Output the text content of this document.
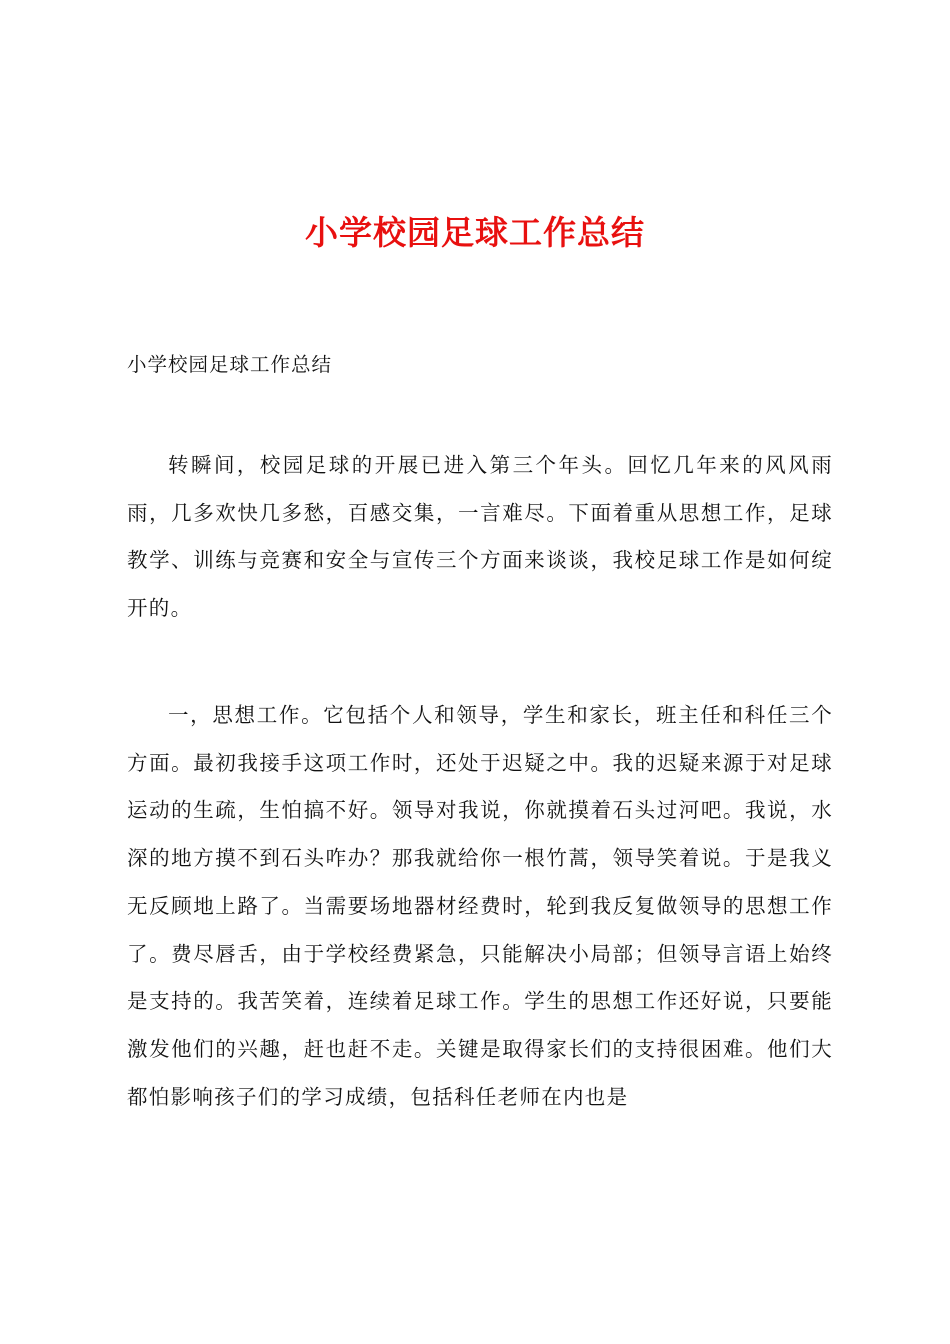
小学校园足球工作总结

小学校园足球工作总结

转瞬间，校园足球的开展已进入第三个年头。回忆几年来的风风雨雨，几多欢快几多愁，百感交集，一言难尽。下面着重从思想工作，足球教学、训练与竞赛和安全与宣传三个方面来谈谈，我校足球工作是如何绽开的。

一，思想工作。它包括个人和领导，学生和家长，班主任和科任三个方面。最初我接手这项工作时，还处于迟疑之中。我的迟疑来源于对足球运动的生疏，生怕搞不好。领导对我说，你就摸着石头过河吧。我说，水深的地方摸不到石头咋办？那我就给你一根竹蒿，领导笑着说。于是我义无反顾地上路了。当需要场地器材经费时，轮到我反复做领导的思想工作了。费尽唇舌，由于学校经费紧急，只能解决小局部；但领导言语上始终是支持的。我苦笑着，连续着足球工作。学生的思想工作还好说，只要能激发他们的兴趣，赶也赶不走。关键是取得家长们的支持很困难。他们大都怕影响孩子们的学习成绩，包括科任老师在内也是
